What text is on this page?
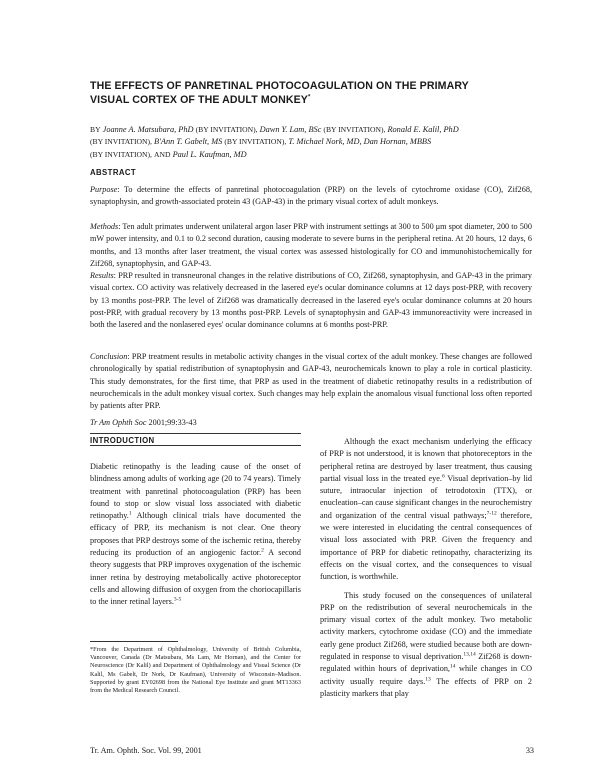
THE EFFECTS OF PANRETINAL PHOTOCOAGULATION ON THE PRIMARY
VISUAL CORTEX OF THE ADULT MONKEY*
BY Joanne A. Matsubara, PhD (BY INVITATION), Dawn Y. Lam, BSc (BY INVITATION), Ronald E. Kalil, PhD
(BY INVITATION), B'Ann T. Gabelt, MS (BY INVITATION), T. Michael Nork, MD, Dan Hornan, MBBS
(BY INVITATION), AND Paul L. Kaufman, MD
ABSTRACT
Purpose: To determine the effects of panretinal photocoagulation (PRP) on the levels of cytochrome oxidase (CO), Zif268, synaptophysin, and growth-associated protein 43 (GAP-43) in the primary visual cortex of adult monkeys.
Methods: Ten adult primates underwent unilateral argon laser PRP with instrument settings at 300 to 500 μm spot diameter, 200 to 500 mW power intensity, and 0.1 to 0.2 second duration, causing moderate to severe burns in the peripheral retina. At 20 hours, 12 days, 6 months, and 13 months after laser treatment, the visual cortex was assessed histologically for CO and immunohistochemically for Zif268, synaptophysin, and GAP-43.
Results: PRP resulted in transneuronal changes in the relative distributions of CO, Zif268, synaptophysin, and GAP-43 in the primary visual cortex. CO activity was relatively decreased in the lasered eye's ocular dominance columns at 12 days post-PRP, with recovery by 13 months post-PRP. The level of Zif268 was dramatically decreased in the lasered eye's ocular dominance columns at 20 hours post-PRP, with gradual recovery by 13 months post-PRP. Levels of synaptophysin and GAP-43 immunoreactivity were increased in both the lasered and the nonlasered eyes' ocular dominance columns at 6 months post-PRP.
Conclusion: PRP treatment results in metabolic activity changes in the visual cortex of the adult monkey. These changes are followed chronologically by spatial redistribution of synaptophysin and GAP-43, neurochemicals known to play a role in cortical plasticity. This study demonstrates, for the first time, that PRP as used in the treatment of diabetic retinopathy results in a redistribution of neurochemicals in the adult monkey visual cortex. Such changes may help explain the anomalous visual functional loss often reported by patients after PRP.
Tr Am Ophth Soc 2001;99:33-43
INTRODUCTION
Diabetic retinopathy is the leading cause of the onset of blindness among adults of working age (20 to 74 years). Timely treatment with panretinal photocoagulation (PRP) has been found to stop or slow visual loss associated with diabetic retinopathy.$^1$ Although clinical trials have documented the efficacy of PRP, its mechanism is not clear. One theory proposes that PRP destroys some of the ischemic retina, thereby reducing its production of an angiogenic factor.$^2$ A second theory suggests that PRP improves oxygenation of the ischemic inner retina by destroying metabolically active photoreceptor cells and allowing diffusion of oxygen from the choriocapillaris to the inner retinal layers.$^{3-5}$

Although the exact mechanism underlying the efficacy of PRP is not understood, it is known that photoreceptors in the peripheral retina are destroyed by laser treatment, thus causing partial visual loss in the treated eye.$^6$ Visual deprivation–by lid suture, intraocular injection of tetrodotoxin (TTX), or enucleation–can cause significant changes in the neurochemistry and organization of the central visual pathways;$^{7-12}$ therefore, we were interested in elucidating the central consequences of visual loss associated with PRP. Given the frequency and importance of PRP for diabetic retinopathy, characterizing its effects on the visual cortex, and the consequences to visual function, is worthwhile.

This study focused on the consequences of unilateral PRP on the redistribution of several neurochemicals in the primary visual cortex of the adult monkey. Two metabolic activity markers, cytochrome oxidase (CO) and the immediate early gene product Zif268, were studied because both are down-regulated in response to visual deprivation.$^{13,14}$ Zif268 is down-regulated within hours of deprivation,$^{14}$ while changes in CO activity usually require days.$^{13}$ The effects of PRP on 2 plasticity markers that play

*From the Department of Ophthalmology, University of British Columbia, Vancouver, Canada (Dr Matsubara, Ms Lam, Mr Hornan), and the Center for Neuroscience (Dr Kalil) and Department of Ophthalmology and Visual Science (Dr Kalil, Ms Gabelt, Dr Nork, Dr Kaufman), University of Wisconsin–Madison. Supported by grant EY02698 from the National Eye Institute and grant MT13363 from the Medical Research Council.
Tr. Am. Ophth. Soc. Vol. 99, 2001	33
